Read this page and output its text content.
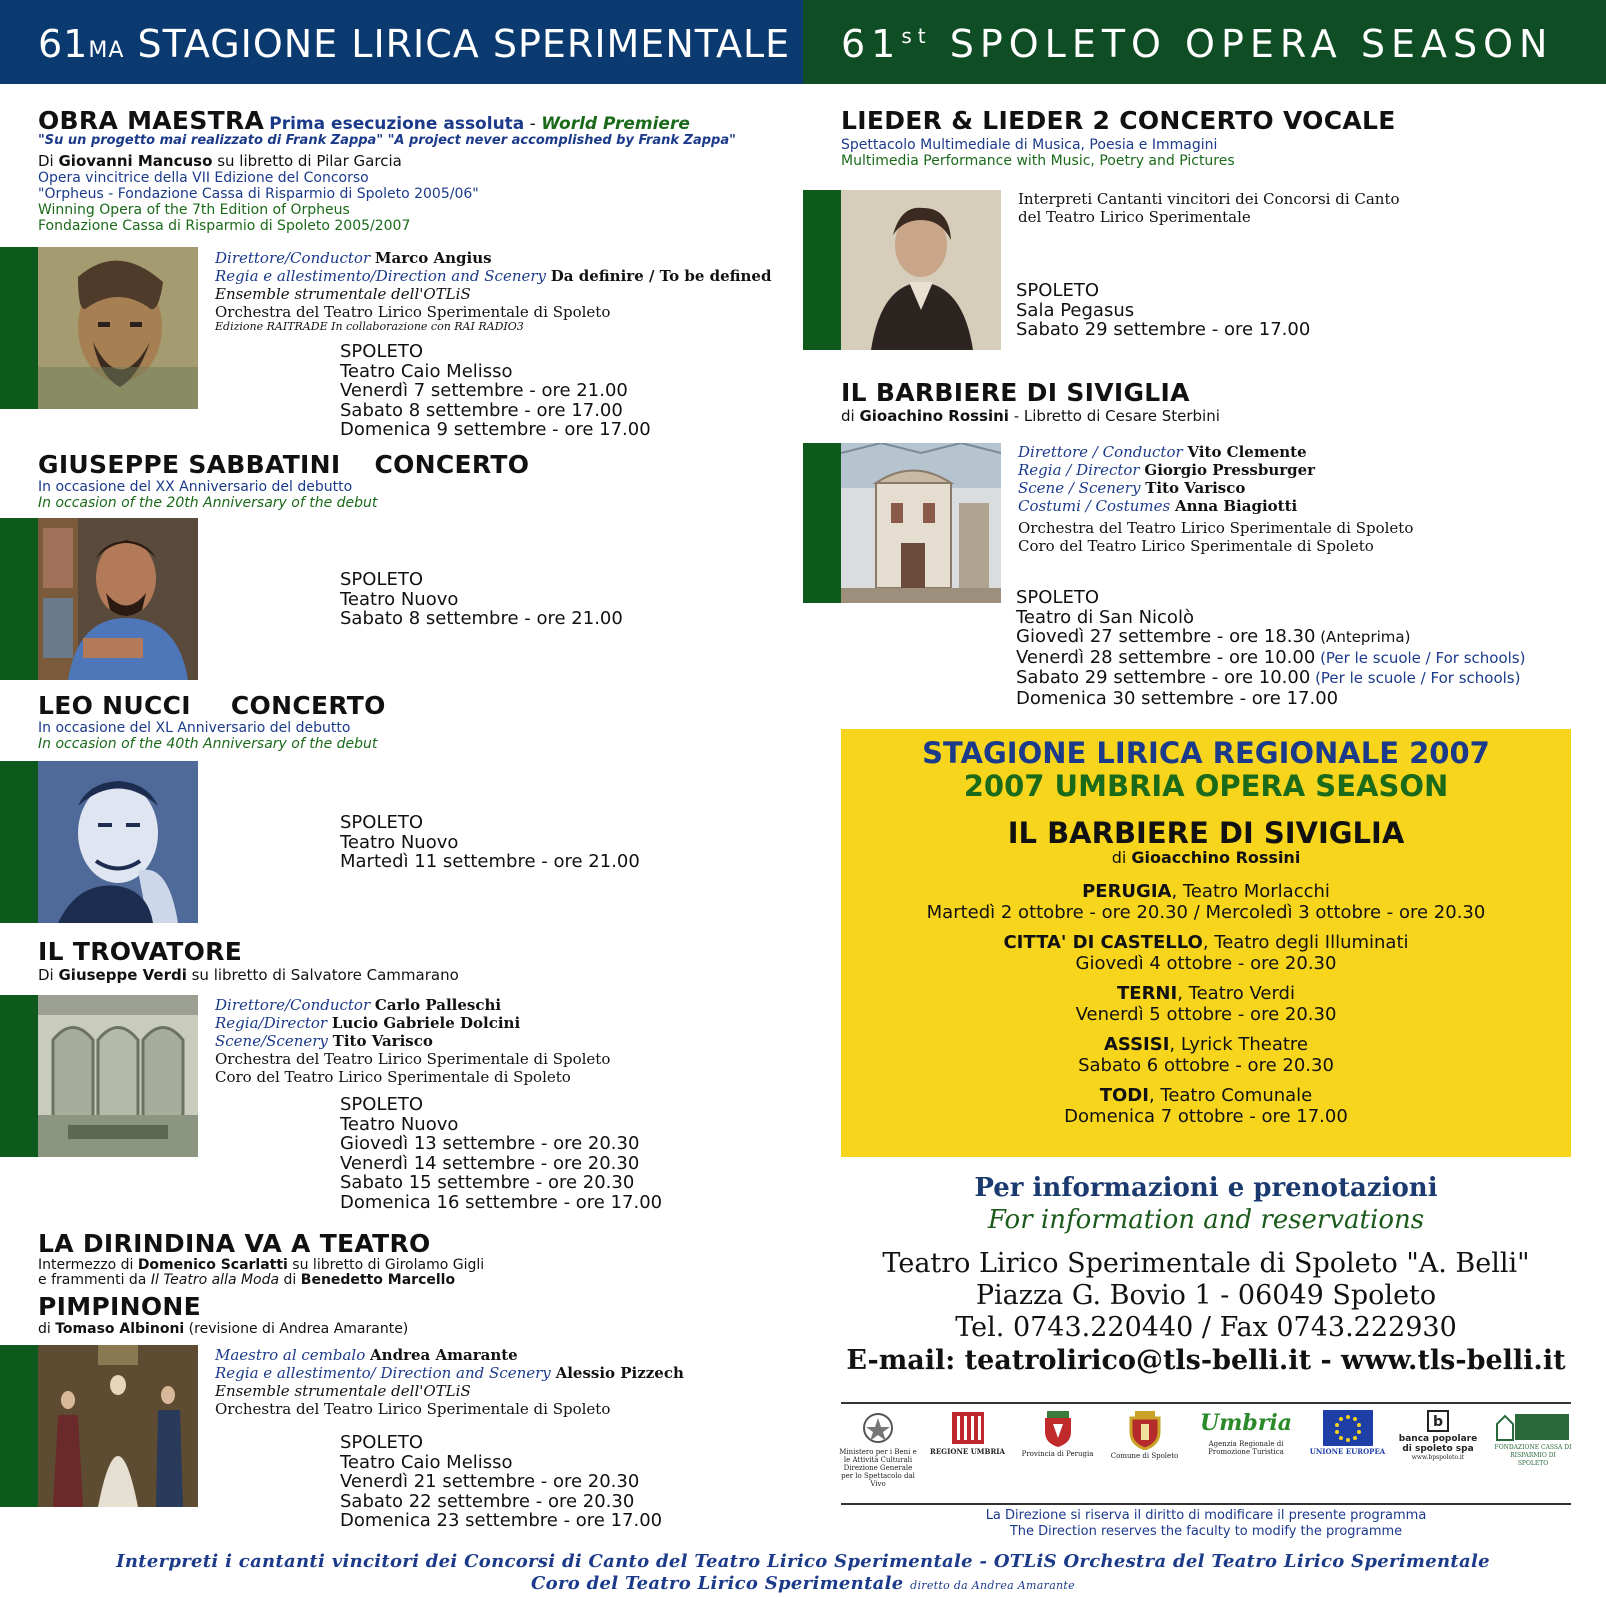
61MA STAGIONE LIRICA SPERIMENTALE 61st SPOLETO OPERA SEASON
OBRA MAESTRA Prima esecuzione assoluta - World Premiere
"Su un progetto mai realizzato di Frank Zappa" "A project never accomplished by Frank Zappa"
Di Giovanni Mancuso su libretto di Pilar Garcia
Opera vincitrice della VII Edizione del Concorso
"Orpheus - Fondazione Cassa di Risparmio di Spoleto 2005/06"
Winning Opera of the 7th Edition of Orpheus
Fondazione Cassa di Risparmio di Spoleto 2005/2007
Direttore/Conductor Marco Angius
Regia e allestimento/Direction and Scenery Da definire / To be defined
Ensemble strumentale dell'OTLiS
Orchestra del Teatro Lirico Sperimentale di Spoleto
Edizione RAITRADE In collaborazione con RAI RADIO3
SPOLETO
Teatro Caio Melisso
Venerdì 7 settembre - ore 21.00
Sabato 8 settembre - ore 17.00
Domenica 9 settembre - ore 17.00
GIUSEPPE SABBATINI CONCERTO
In occasione del XX Anniversario del debutto
In occasion of the 20th Anniversary of the debut
SPOLETO
Teatro Nuovo
Sabato 8 settembre - ore 21.00
LEO NUCCI CONCERTO
In occasione del XL Anniversario del debutto
In occasion of the 40th Anniversary of the debut
SPOLETO
Teatro Nuovo
Martedì 11 settembre - ore 21.00
IL TROVATORE
Di Giuseppe Verdi su libretto di Salvatore Cammarano
Direttore/Conductor Carlo Palleschi
Regia/Director Lucio Gabriele Dolcini
Scene/Scenery Tito Varisco
Orchestra del Teatro Lirico Sperimentale di Spoleto
Coro del Teatro Lirico Sperimentale di Spoleto
SPOLETO
Teatro Nuovo
Giovedì 13 settembre - ore 20.30
Venerdì 14 settembre - ore 20.30
Sabato 15 settembre - ore 20.30
Domenica 16 settembre - ore 17.00
LA DIRINDINA VA A TEATRO
Intermezzo di Domenico Scarlatti su libretto di Girolamo Gigli
e frammenti da Il Teatro alla Moda di Benedetto Marcello
PIMPINONE
di Tomaso Albinoni (revisione di Andrea Amarante)
Maestro al cembalo Andrea Amarante
Regia e allestimento/ Direction and Scenery Alessio Pizzech
Ensemble strumentale dell'OTLiS
Orchestra del Teatro Lirico Sperimentale di Spoleto
SPOLETO
Teatro Caio Melisso
Venerdì 21 settembre - ore 20.30
Sabato 22 settembre - ore 20.30
Domenica 23 settembre - ore 17.00
LIEDER & LIEDER 2 CONCERTO VOCALE
Spettacolo Multimediale di Musica, Poesia e Immagini
Multimedia Performance with Music, Poetry and Pictures
Interpreti Cantanti vincitori dei Concorsi di Canto
del Teatro Lirico Sperimentale
SPOLETO
Sala Pegasus
Sabato 29 settembre - ore 17.00
IL BARBIERE DI SIVIGLIA
di Gioachino Rossini - Libretto di Cesare Sterbini
Direttore / Conductor Vito Clemente
Regia / Director Giorgio Pressburger
Scene / Scenery Tito Varisco
Costumi / Costumes Anna Biagiotti
Orchestra del Teatro Lirico Sperimentale di Spoleto
Coro del Teatro Lirico Sperimentale di Spoleto
SPOLETO
Teatro di San Nicolò
Giovedì 27 settembre - ore 18.30 (Anteprima)
Venerdì 28 settembre - ore 10.00 (Per le scuole / For schools)
Sabato 29 settembre - ore 10.00 (Per le scuole / For schools)
Domenica 30 settembre - ore 17.00
STAGIONE LIRICA REGIONALE 2007
2007 UMBRIA OPERA SEASON
IL BARBIERE DI SIVIGLIA
di Gioacchino Rossini
PERUGIA, Teatro Morlacchi
Martedì 2 ottobre - ore 20.30 / Mercoledì 3 ottobre - ore 20.30
CITTA' DI CASTELLO, Teatro degli Illuminati
Giovedì 4 ottobre - ore 20.30
TERNI, Teatro Verdi
Venerdì 5 ottobre - ore 20.30
ASSISI, Lyrick Theatre
Sabato 6 ottobre - ore 20.30
TODI, Teatro Comunale
Domenica 7 ottobre - ore 17.00
Per informazioni e prenotazioni
For information and reservations
Teatro Lirico Sperimentale di Spoleto "A. Belli"
Piazza G. Bovio 1 - 06049 Spoleto
Tel. 0743.220440 / Fax 0743.222930
E-mail: teatrolirico@tls-belli.it - www.tls-belli.it
Ministero per i Beni e le Attività Culturali Direzione Generale per lo Spettacolo dal Vivo
REGIONE UMBRIA	Provincia di Perugia	Comune di Spoleto
Umbria
Agenzia Regionale di Promozione Turistica	UNIONE EUROPEA
b
banca popolare di spoleto spa
www.bpspoleto.it
FONDAZIONE CASSA DI RISPARMIO DI SPOLETO
La Direzione si riserva il diritto di modificare il presente programma
The Direction reserves the faculty to modify the programme
Interpreti i cantanti vincitori dei Concorsi di Canto del Teatro Lirico Sperimentale - OTLiS Orchestra del Teatro Lirico Sperimentale
Coro del Teatro Lirico Sperimentale diretto da Andrea Amarante
